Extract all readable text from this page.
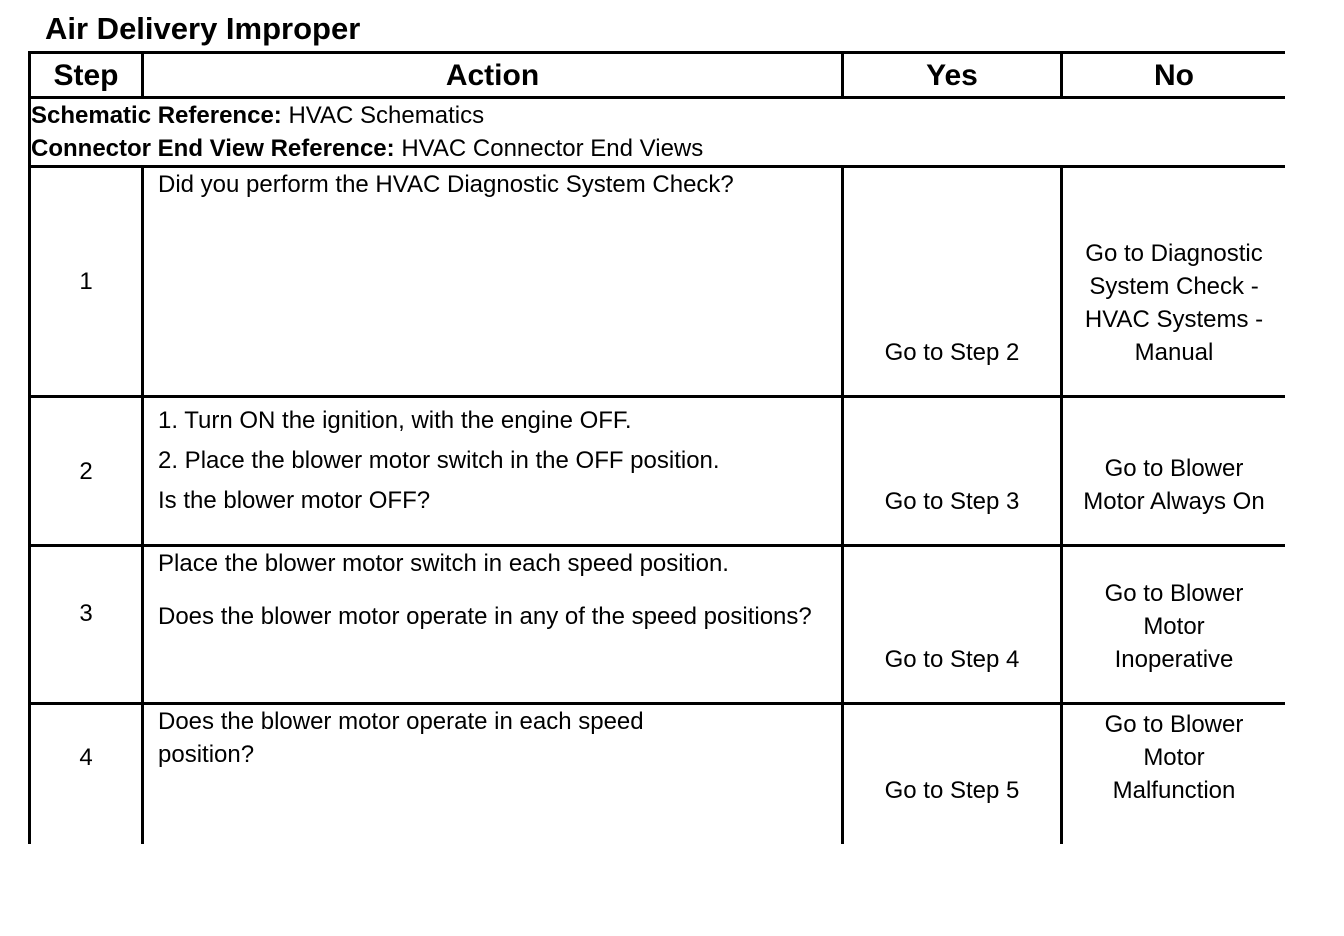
Air Delivery Improper
Step	Action	Yes	No

Schematic Reference: HVAC Schematics
Connector End View Reference: HVAC Connector End Views			

1	Did you perform the HVAC Diagnostic System Check?	Go to Step 2	Go to Diagnostic System Check - HVAC Systems - Manual

2	1. Turn ON the ignition, with the engine OFF.
2. Place the blower motor switch in the OFF position.
Is the blower motor OFF?	Go to Step 3	Go to Blower Motor Always On

3	Place the blower motor switch in each speed position.
Does the blower motor operate in any of the speed positions?	Go to Step 4	Go to Blower Motor Inoperative

4	Does the blower motor operate in each speed position?	Go to Step 5	Go to Blower Motor Malfunction
